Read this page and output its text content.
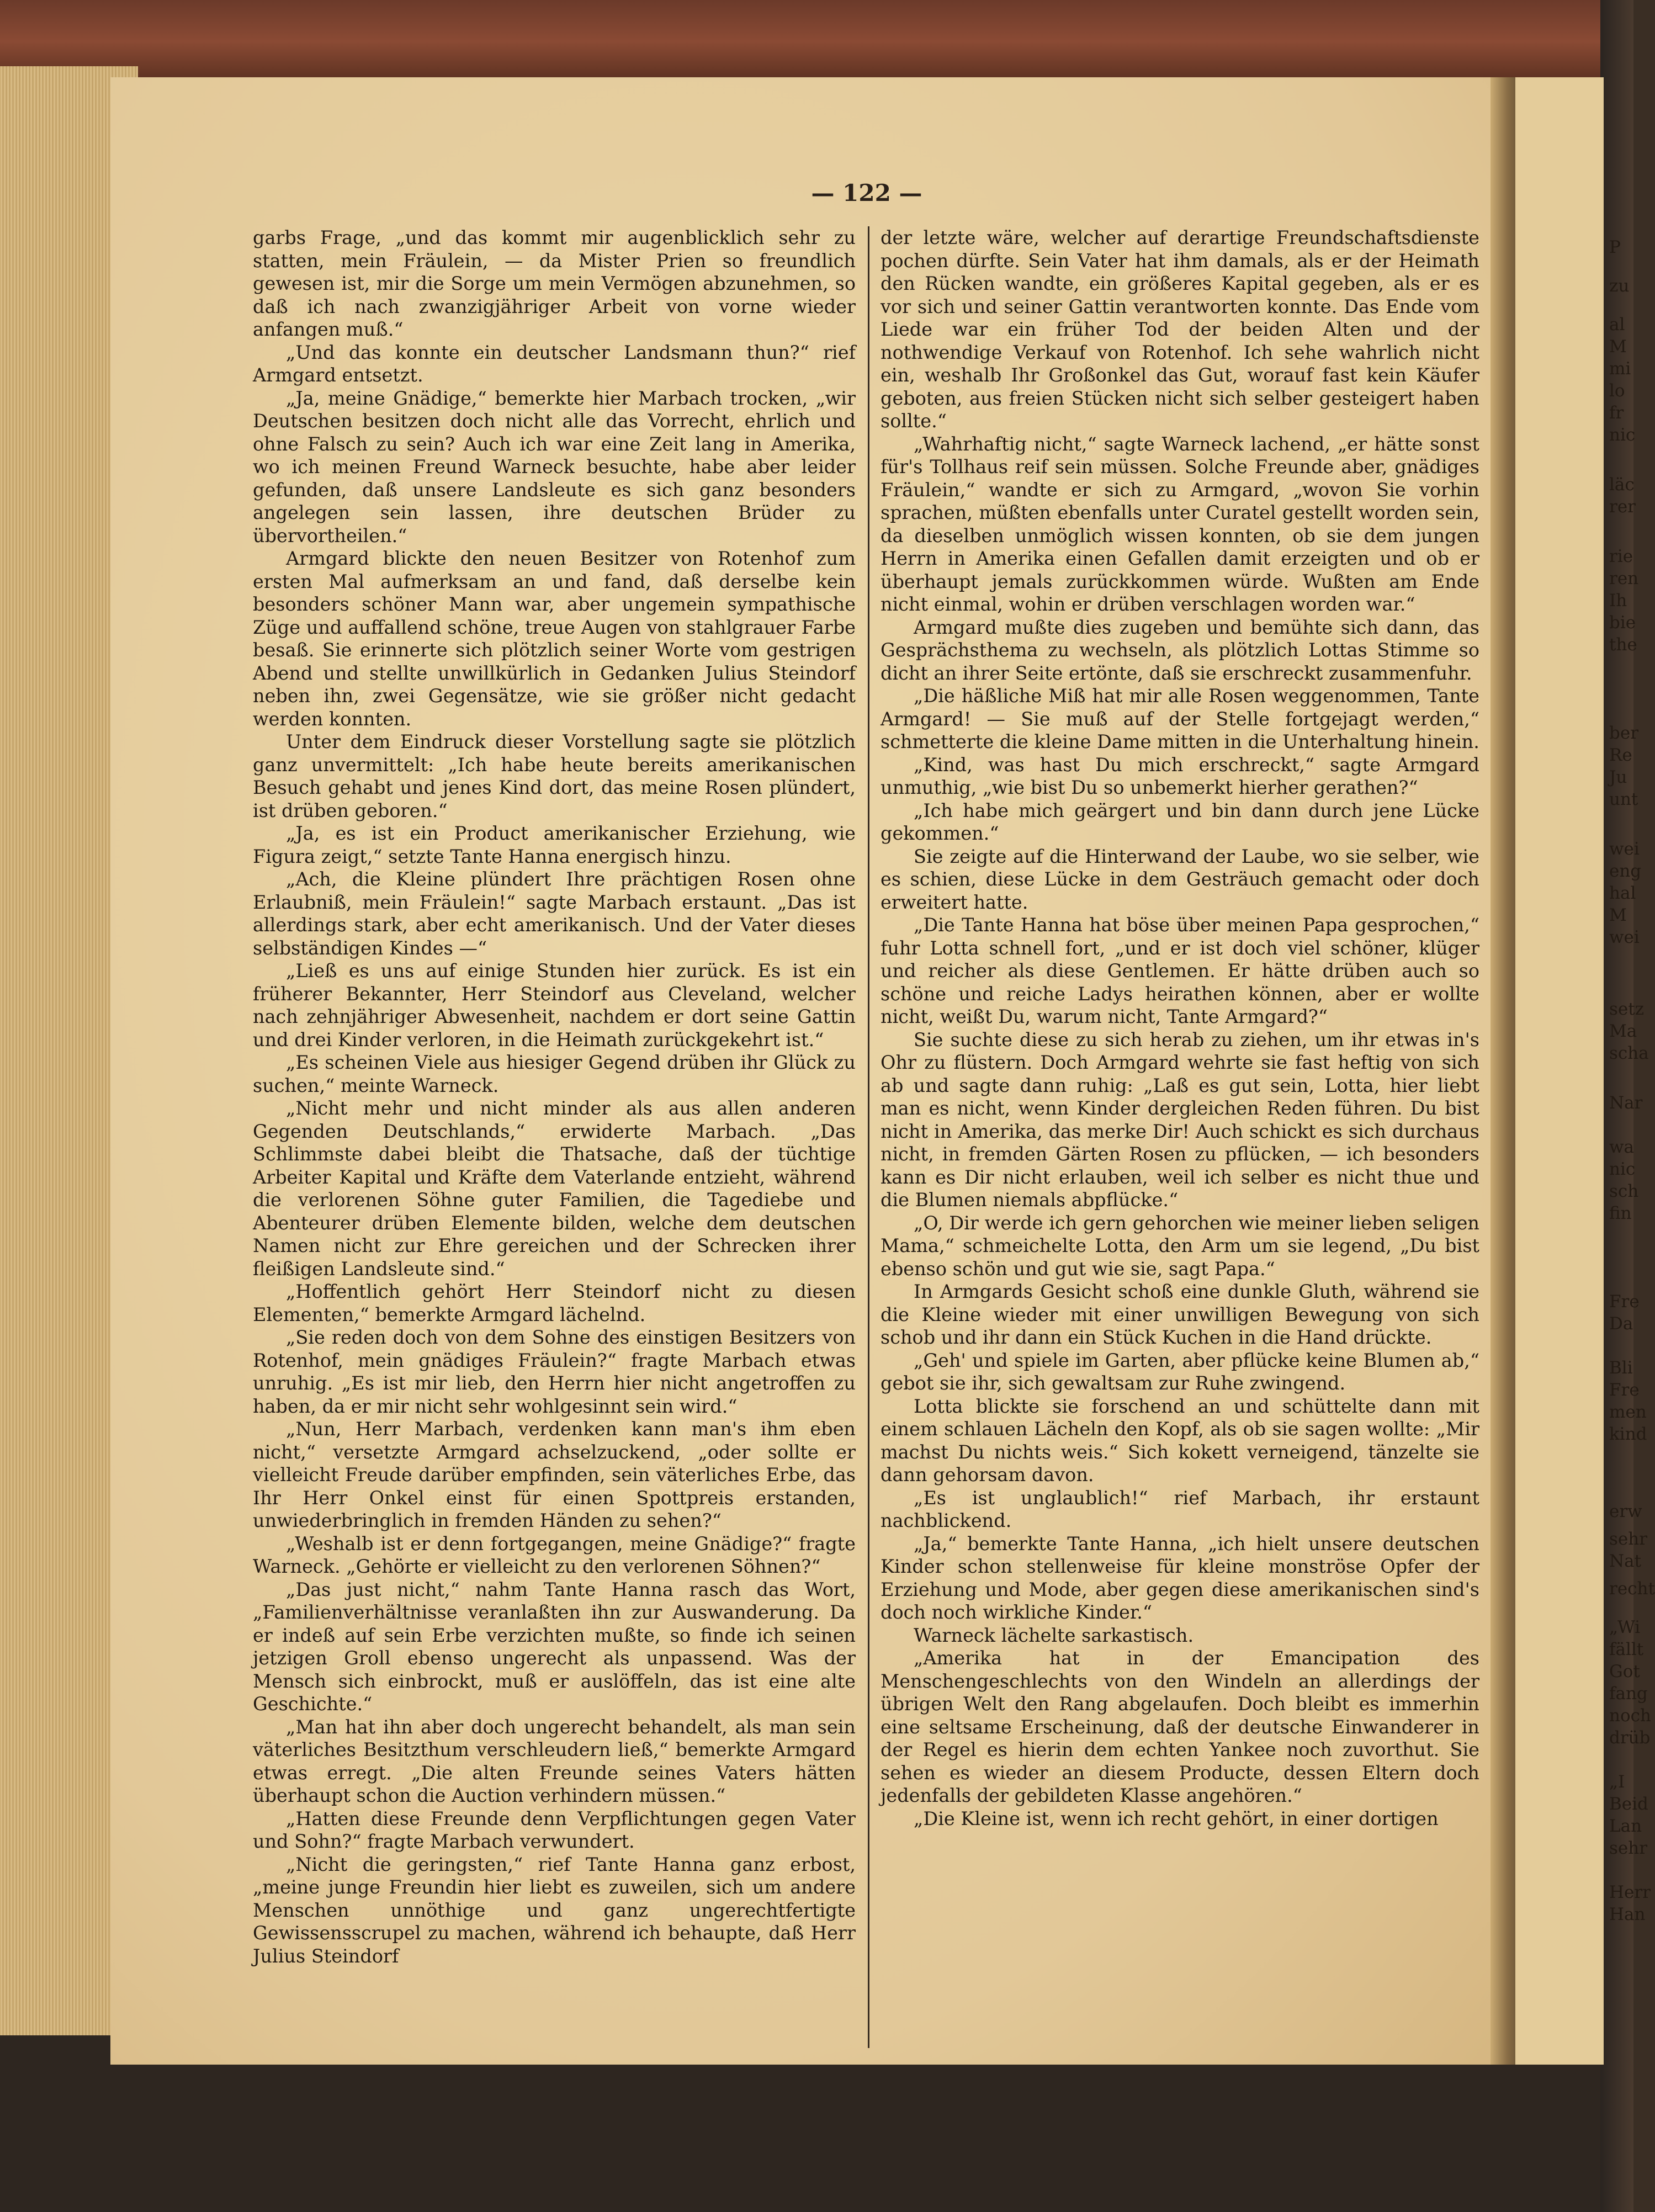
— 122 —

garbs Frage, „und das kommt mir augenblicklich sehr zu statten, mein Fräulein, — da Mister Prien so freundlich gewesen ist, mir die Sorge um mein Vermögen abzunehmen, so daß ich nach zwanzigjähriger Arbeit von vorne wieder anfangen muß.“

„Und das konnte ein deutscher Landsmann thun?“ rief Armgard entsetzt.

„Ja, meine Gnädige,“ bemerkte hier Marbach trocken, „wir Deutschen besitzen doch nicht alle das Vorrecht, ehrlich und ohne Falsch zu sein? Auch ich war eine Zeit lang in Amerika, wo ich meinen Freund Warneck besuchte, habe aber leider gefunden, daß unsere Landsleute es sich ganz besonders angelegen sein lassen, ihre deutschen Brüder zu übervortheilen.“

Armgard blickte den neuen Besitzer von Rotenhof zum ersten Mal aufmerksam an und fand, daß derselbe kein besonders schöner Mann war, aber ungemein sympathische Züge und auffallend schöne, treue Augen von stahlgrauer Farbe besaß. Sie erinnerte sich plötzlich seiner Worte vom gestrigen Abend und stellte unwillkürlich in Gedanken Julius Steindorf neben ihn, zwei Gegensätze, wie sie größer nicht gedacht werden konnten.

Unter dem Eindruck dieser Vorstellung sagte sie plötzlich ganz unvermittelt: „Ich habe heute bereits amerikanischen Besuch gehabt und jenes Kind dort, das meine Rosen plündert, ist drüben geboren.“

„Ja, es ist ein Product amerikanischer Erziehung, wie Figura zeigt,“ setzte Tante Hanna energisch hinzu.

„Ach, die Kleine plündert Ihre prächtigen Rosen ohne Erlaubniß, mein Fräulein!“ sagte Marbach erstaunt. „Das ist allerdings stark, aber echt amerikanisch. Und der Vater dieses selbständigen Kindes —“

„Ließ es uns auf einige Stunden hier zurück. Es ist ein früherer Bekannter, Herr Steindorf aus Cleveland, welcher nach zehnjähriger Abwesenheit, nachdem er dort seine Gattin und drei Kinder verloren, in die Heimath zurückgekehrt ist.“

„Es scheinen Viele aus hiesiger Gegend drüben ihr Glück zu suchen,“ meinte Warneck.

„Nicht mehr und nicht minder als aus allen anderen Gegenden Deutschlands,“ erwiderte Marbach. „Das Schlimmste dabei bleibt die Thatsache, daß der tüchtige Arbeiter Kapital und Kräfte dem Vaterlande entzieht, während die verlorenen Söhne guter Familien, die Tagediebe und Abenteurer drüben Elemente bilden, welche dem deutschen Namen nicht zur Ehre gereichen und der Schrecken ihrer fleißigen Landsleute sind.“

„Hoffentlich gehört Herr Steindorf nicht zu diesen Elementen,“ bemerkte Armgard lächelnd.

„Sie reden doch von dem Sohne des einstigen Besitzers von Rotenhof, mein gnädiges Fräulein?“ fragte Marbach etwas unruhig. „Es ist mir lieb, den Herrn hier nicht angetroffen zu haben, da er mir nicht sehr wohlgesinnt sein wird.“

„Nun, Herr Marbach, verdenken kann man's ihm eben nicht,“ versetzte Armgard achselzuckend, „oder sollte er vielleicht Freude darüber empfinden, sein väterliches Erbe, das Ihr Herr Onkel einst für einen Spottpreis erstanden, unwiederbringlich in fremden Händen zu sehen?“

„Weshalb ist er denn fortgegangen, meine Gnädige?“ fragte Warneck. „Gehörte er vielleicht zu den verlorenen Söhnen?“

„Das just nicht,“ nahm Tante Hanna rasch das Wort, „Familienverhältnisse veranlaßten ihn zur Auswanderung. Da er indeß auf sein Erbe verzichten mußte, so finde ich seinen jetzigen Groll ebenso ungerecht als unpassend. Was der Mensch sich einbrockt, muß er auslöffeln, das ist eine alte Geschichte.“

„Man hat ihn aber doch ungerecht behandelt, als man sein väterliches Besitzthum verschleudern ließ,“ bemerkte Armgard etwas erregt. „Die alten Freunde seines Vaters hätten überhaupt schon die Auction verhindern müssen.“

„Hatten diese Freunde denn Verpflichtungen gegen Vater und Sohn?“ fragte Marbach verwundert.

„Nicht die geringsten,“ rief Tante Hanna ganz erbost, „meine junge Freundin hier liebt es zuweilen, sich um andere Menschen unnöthige und ganz ungerechtfertigte Gewissensscrupel zu machen, während ich behaupte, daß Herr Julius Steindorf

der letzte wäre, welcher auf derartige Freundschaftsdienste pochen dürfte. Sein Vater hat ihm damals, als er der Heimath den Rücken wandte, ein größeres Kapital gegeben, als er es vor sich und seiner Gattin verantworten konnte. Das Ende vom Liede war ein früher Tod der beiden Alten und der nothwendige Verkauf von Rotenhof. Ich sehe wahrlich nicht ein, weshalb Ihr Großonkel das Gut, worauf fast kein Käufer geboten, aus freien Stücken nicht sich selber gesteigert haben sollte.“

„Wahrhaftig nicht,“ sagte Warneck lachend, „er hätte sonst für's Tollhaus reif sein müssen. Solche Freunde aber, gnädiges Fräulein,“ wandte er sich zu Armgard, „wovon Sie vorhin sprachen, müßten ebenfalls unter Curatel gestellt worden sein, da dieselben unmöglich wissen konnten, ob sie dem jungen Herrn in Amerika einen Gefallen damit erzeigten und ob er überhaupt jemals zurückkommen würde. Wußten am Ende nicht einmal, wohin er drüben verschlagen worden war.“

Armgard mußte dies zugeben und bemühte sich dann, das Gesprächsthema zu wechseln, als plötzlich Lottas Stimme so dicht an ihrer Seite ertönte, daß sie erschreckt zusammenfuhr.

„Die häßliche Miß hat mir alle Rosen weggenommen, Tante Armgard! — Sie muß auf der Stelle fortgejagt werden,“ schmetterte die kleine Dame mitten in die Unterhaltung hinein.

„Kind, was hast Du mich erschreckt,“ sagte Armgard unmuthig, „wie bist Du so unbemerkt hierher gerathen?“

„Ich habe mich geärgert und bin dann durch jene Lücke gekommen.“

Sie zeigte auf die Hinterwand der Laube, wo sie selber, wie es schien, diese Lücke in dem Gesträuch gemacht oder doch erweitert hatte.

„Die Tante Hanna hat böse über meinen Papa gesprochen,“ fuhr Lotta schnell fort, „und er ist doch viel schöner, klüger und reicher als diese Gentlemen. Er hätte drüben auch so schöne und reiche Ladys heirathen können, aber er wollte nicht, weißt Du, warum nicht, Tante Armgard?“

Sie suchte diese zu sich herab zu ziehen, um ihr etwas in's Ohr zu flüstern. Doch Armgard wehrte sie fast heftig von sich ab und sagte dann ruhig: „Laß es gut sein, Lotta, hier liebt man es nicht, wenn Kinder dergleichen Reden führen. Du bist nicht in Amerika, das merke Dir! Auch schickt es sich durchaus nicht, in fremden Gärten Rosen zu pflücken, — ich besonders kann es Dir nicht erlauben, weil ich selber es nicht thue und die Blumen niemals abpflücke.“

„O, Dir werde ich gern gehorchen wie meiner lieben seligen Mama,“ schmeichelte Lotta, den Arm um sie legend, „Du bist ebenso schön und gut wie sie, sagt Papa.“

In Armgards Gesicht schoß eine dunkle Gluth, während sie die Kleine wieder mit einer unwilligen Bewegung von sich schob und ihr dann ein Stück Kuchen in die Hand drückte.

„Geh' und spiele im Garten, aber pflücke keine Blumen ab,“ gebot sie ihr, sich gewaltsam zur Ruhe zwingend.

Lotta blickte sie forschend an und schüttelte dann mit einem schlauen Lächeln den Kopf, als ob sie sagen wollte: „Mir machst Du nichts weis.“ Sich kokett verneigend, tänzelte sie dann gehorsam davon.

„Es ist unglaublich!“ rief Marbach, ihr erstaunt nachblickend.

„Ja,“ bemerkte Tante Hanna, „ich hielt unsere deutschen Kinder schon stellenweise für kleine monströse Opfer der Erziehung und Mode, aber gegen diese amerikanischen sind's doch noch wirkliche Kinder.“

Warneck lächelte sarkastisch.

„Amerika hat in der Emancipation des Menschengeschlechts von den Windeln an allerdings der übrigen Welt den Rang abgelaufen. Doch bleibt es immerhin eine seltsame Erscheinung, daß der deutsche Einwanderer in der Regel es hierin dem echten Yankee noch zuvorthut. Sie sehen es wieder an diesem Producte, dessen Eltern doch jedenfalls der gebildeten Klasse angehören.“

„Die Kleine ist, wenn ich recht gehört, in einer dortigen

P
zu
al
M
mi
lo
fr
nic
läc
rer
rie
ren
Ih
bie
the
ber
Re
Ju
unt
wei
eng
hal
M
wei
setz
Ma
scha
Nar
wa
nic
sch
fin
Fre
Da
Bli
Fre
men
kind
erw
sehr
Nat
recht
„Wi
fällt
Got
fang
noch
drüb
„I
Beid
Lan
sehr
Herr
Han
